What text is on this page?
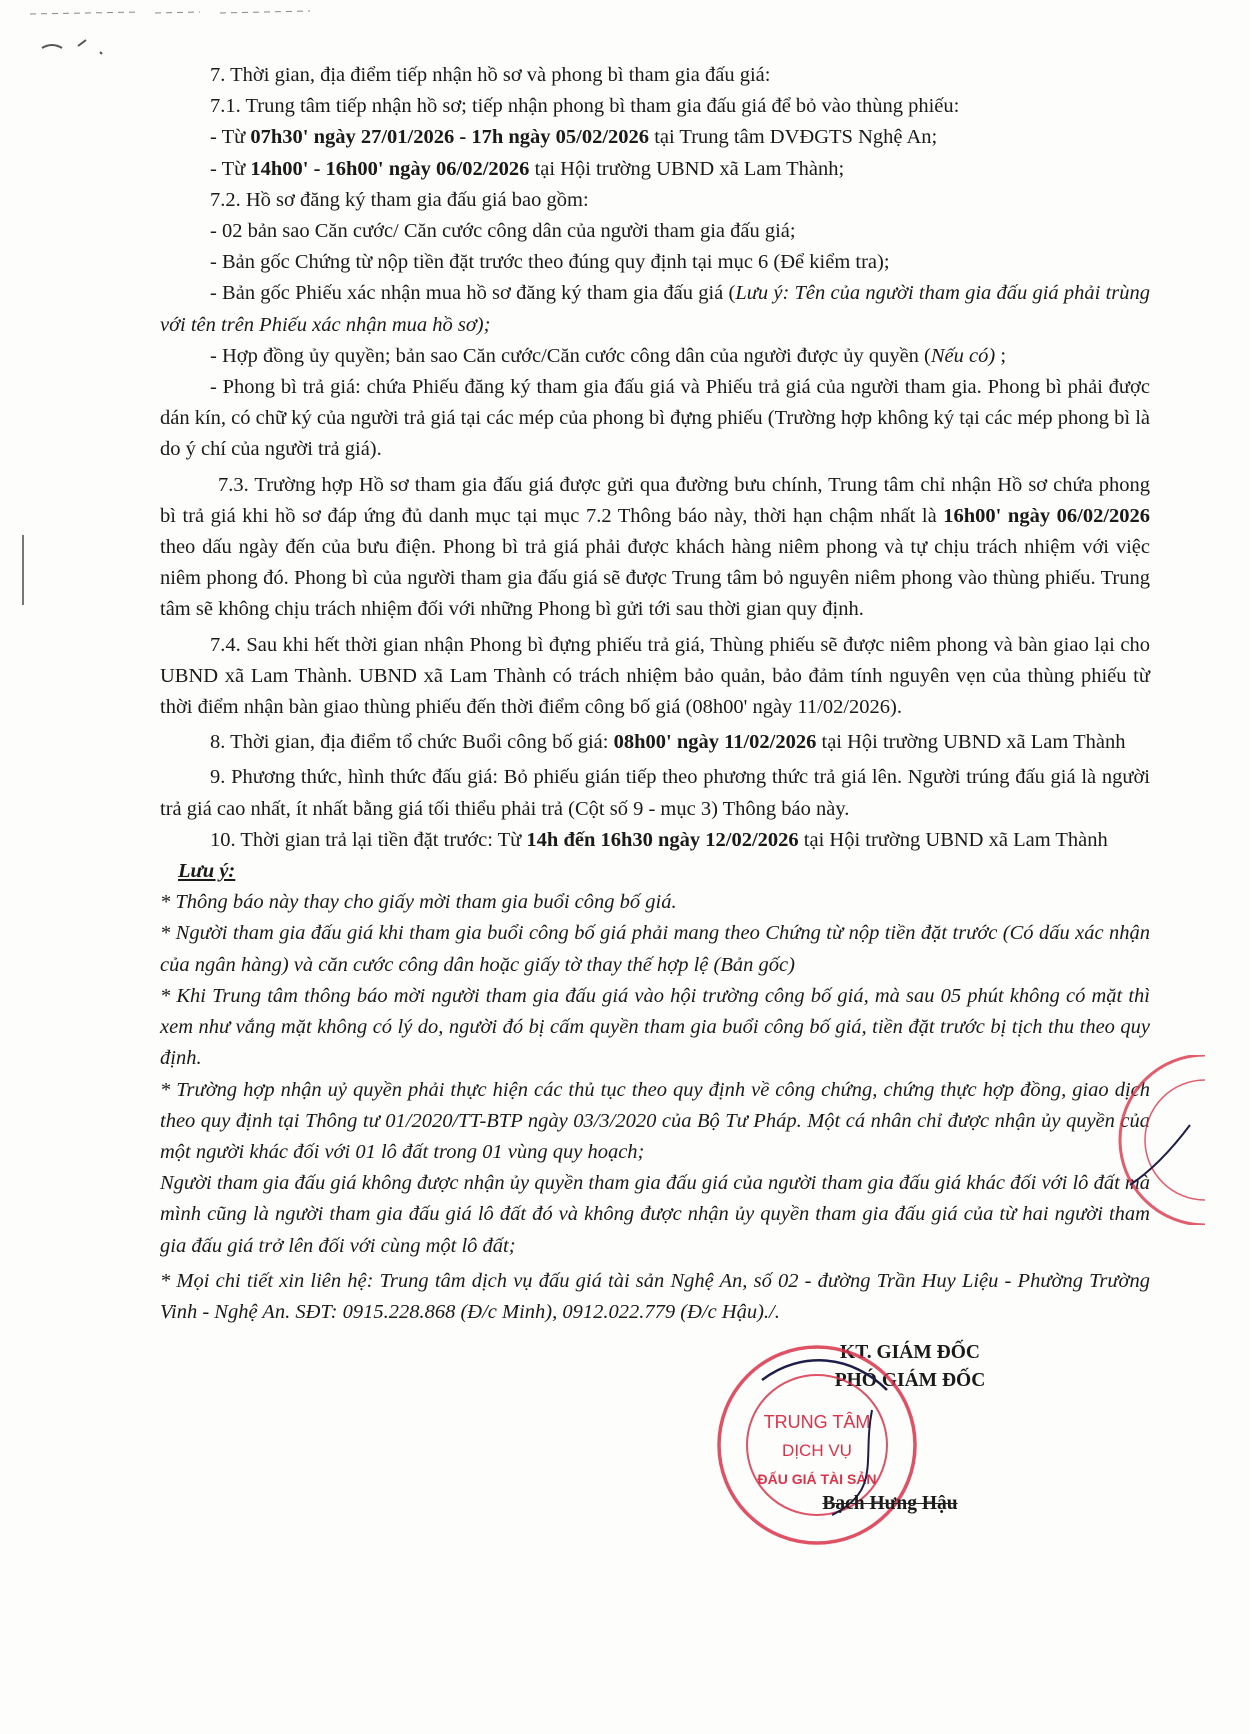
7. Thời gian, địa điểm tiếp nhận hồ sơ và phong bì tham gia đấu giá:

7.1. Trung tâm tiếp nhận hồ sơ; tiếp nhận phong bì tham gia đấu giá để bỏ vào thùng phiếu:

- Từ 07h30' ngày 27/01/2026 - 17h ngày 05/02/2026 tại Trung tâm DVĐGTS Nghệ An;

- Từ 14h00' - 16h00' ngày 06/02/2026 tại Hội trường UBND xã Lam Thành;

7.2. Hồ sơ đăng ký tham gia đấu giá bao gồm:

- 02 bản sao Căn cước/ Căn cước công dân của người tham gia đấu giá;

- Bản gốc Chứng từ nộp tiền đặt trước theo đúng quy định tại mục 6 (Để kiểm tra);

- Bản gốc Phiếu xác nhận mua hồ sơ đăng ký tham gia đấu giá (Lưu ý: Tên của người tham gia đấu giá phải trùng với tên trên Phiếu xác nhận mua hồ sơ);

- Hợp đồng ủy quyền; bản sao Căn cước/Căn cước công dân của người được ủy quyền (Nếu có) ;

- Phong bì trả giá: chứa Phiếu đăng ký tham gia đấu giá và Phiếu trả giá của người tham gia. Phong bì phải được dán kín, có chữ ký của người trả giá tại các mép của phong bì đựng phiếu (Trường hợp không ký tại các mép phong bì là do ý chí của người trả giá).

7.3. Trường hợp Hồ sơ tham gia đấu giá được gửi qua đường bưu chính, Trung tâm chỉ nhận Hồ sơ chứa phong bì trả giá khi hồ sơ đáp ứng đủ danh mục tại mục 7.2 Thông báo này, thời hạn chậm nhất là 16h00' ngày 06/02/2026 theo dấu ngày đến của bưu điện. Phong bì trả giá phải được khách hàng niêm phong và tự chịu trách nhiệm với việc niêm phong đó. Phong bì của người tham gia đấu giá sẽ được Trung tâm bỏ nguyên niêm phong vào thùng phiếu. Trung tâm sẽ không chịu trách nhiệm đối với những Phong bì gửi tới sau thời gian quy định.

7.4. Sau khi hết thời gian nhận Phong bì đựng phiếu trả giá, Thùng phiếu sẽ được niêm phong và bàn giao lại cho UBND xã Lam Thành. UBND xã Lam Thành có trách nhiệm bảo quản, bảo đảm tính nguyên vẹn của thùng phiếu từ thời điểm nhận bàn giao thùng phiếu đến thời điểm công bố giá (08h00' ngày 11/02/2026).

8. Thời gian, địa điểm tổ chức Buổi công bố giá: 08h00' ngày 11/02/2026 tại Hội trường UBND xã Lam Thành

9. Phương thức, hình thức đấu giá: Bỏ phiếu gián tiếp theo phương thức trả giá lên. Người trúng đấu giá là người trả giá cao nhất, ít nhất bằng giá tối thiểu phải trả (Cột số 9 - mục 3) Thông báo này.

10. Thời gian trả lại tiền đặt trước: Từ 14h đến 16h30 ngày 12/02/2026 tại Hội trường UBND xã Lam Thành

Lưu ý:

* Thông báo này thay cho giấy mời tham gia buổi công bố giá.

* Người tham gia đấu giá khi tham gia buổi công bố giá phải mang theo Chứng từ nộp tiền đặt trước (Có dấu xác nhận của ngân hàng) và căn cước công dân hoặc giấy tờ thay thế hợp lệ (Bản gốc)

* Khi Trung tâm thông báo mời người tham gia đấu giá vào hội trường công bố giá, mà sau 05 phút không có mặt thì xem như vắng mặt không có lý do, người đó bị cấm quyền tham gia buổi công bố giá, tiền đặt trước bị tịch thu theo quy định.

* Trường hợp nhận uỷ quyền phải thực hiện các thủ tục theo quy định về công chứng, chứng thực hợp đồng, giao dịch theo quy định tại Thông tư 01/2020/TT-BTP ngày 03/3/2020 của Bộ Tư Pháp. Một cá nhân chỉ được nhận ủy quyền của một người khác đối với 01 lô đất trong 01 vùng quy hoạch;

Người tham gia đấu giá không được nhận ủy quyền tham gia đấu giá của người tham gia đấu giá khác đối với lô đất mà mình cũng là người tham gia đấu giá lô đất đó và không được nhận ủy quyền tham gia đấu giá của từ hai người tham gia đấu giá trở lên đối với cùng một lô đất;

* Mọi chi tiết xin liên hệ: Trung tâm dịch vụ đấu giá tài sản Nghệ An, số 02 - đường Trần Huy Liệu - Phường Trường Vinh - Nghệ An. SĐT: 0915.228.868 (Đ/c Minh), 0912.022.779 (Đ/c Hậu)./.

KT. GIÁM ĐỐC
PHÓ GIÁM ĐỐC
TRUNG TÂM
DỊCH VỤ
ĐẤU GIÁ TÀI SẢN
Bạch Hưng Hậu
